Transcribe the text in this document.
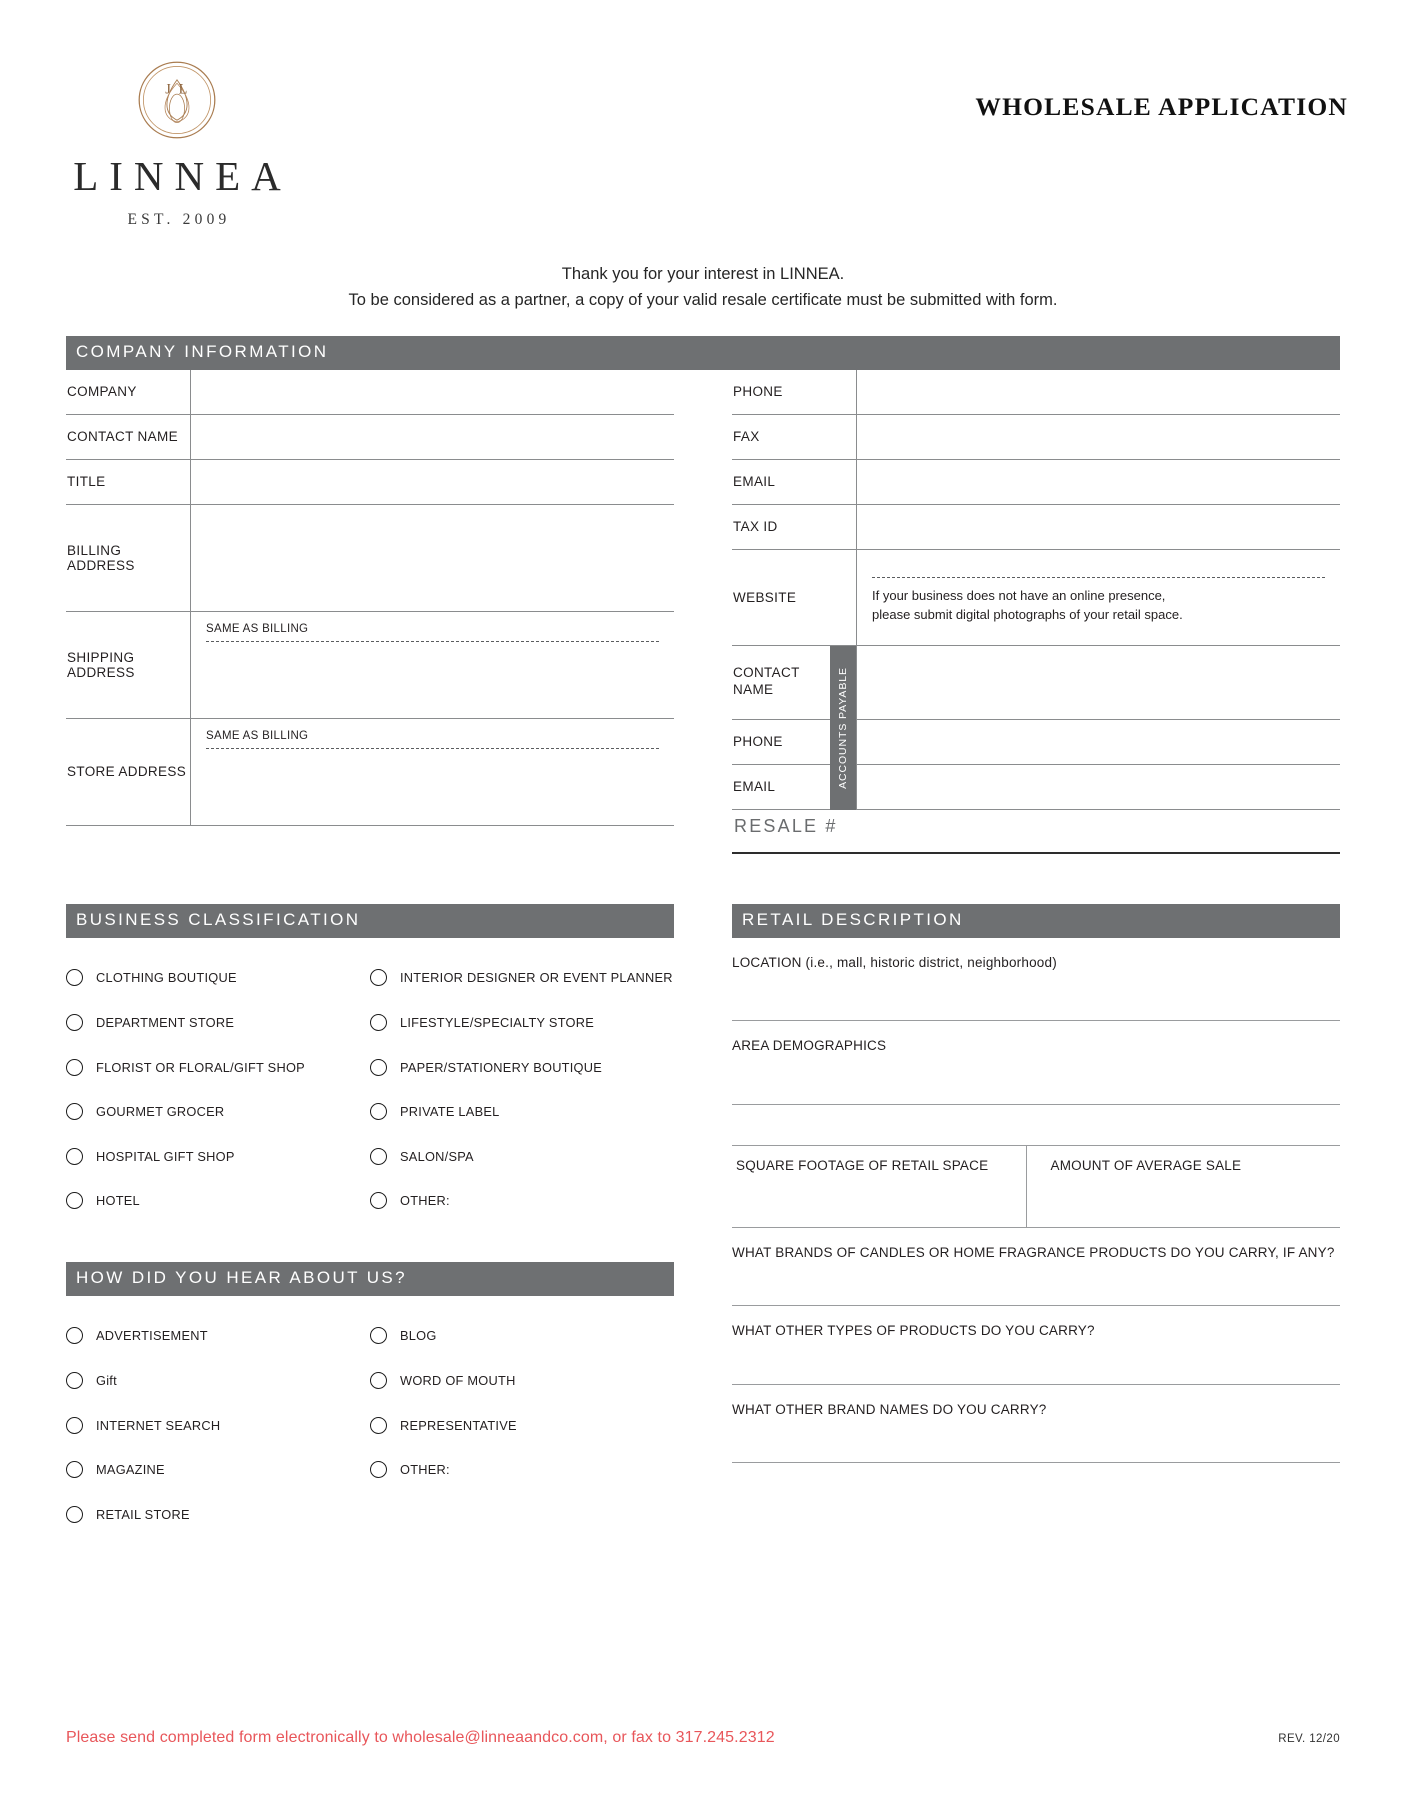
J L
LINNEA
EST. 2009
WHOLESALE APPLICATION
Thank you for your interest in LINNEA.
To be considered as a partner, a copy of your valid resale certificate must be submitted with form.
COMPANY INFORMATION
COMPANY
CONTACT NAME
TITLE
BILLING ADDRESS
SHIPPING ADDRESS
SAME AS BILLING
STORE ADDRESS
SAME AS BILLING
PHONE
FAX
EMAIL
TAX ID
WEBSITE	If your business does not have an online presence,
please submit digital photographs of your retail space.
ACCOUNTS PAYABLE
CONTACT
NAME
PHONE
EMAIL
RESALE #
BUSINESS CLASSIFICATION
CLOTHING BOUTIQUE
DEPARTMENT STORE
FLORIST OR FLORAL/GIFT SHOP
GOURMET GROCER
HOSPITAL GIFT SHOP
HOTEL
INTERIOR DESIGNER OR EVENT PLANNER
LIFESTYLE/SPECIALTY STORE
PAPER/STATIONERY BOUTIQUE
PRIVATE LABEL
SALON/SPA
OTHER:
HOW DID YOU HEAR ABOUT US?
ADVERTISEMENT
Gift
INTERNET SEARCH
MAGAZINE
RETAIL STORE
BLOG
WORD OF MOUTH
REPRESENTATIVE
OTHER:
RETAIL DESCRIPTION
LOCATION (i.e., mall, historic district, neighborhood)
AREA DEMOGRAPHICS
SQUARE FOOTAGE OF RETAIL SPACE	AMOUNT OF AVERAGE SALE
WHAT BRANDS OF CANDLES OR HOME FRAGRANCE PRODUCTS DO YOU CARRY, IF ANY?
WHAT OTHER TYPES OF PRODUCTS DO YOU CARRY?
WHAT OTHER BRAND NAMES DO YOU CARRY?
Please send completed form electronically to wholesale@linneaandco.com, or fax to 317.245.2312	REV. 12/20
